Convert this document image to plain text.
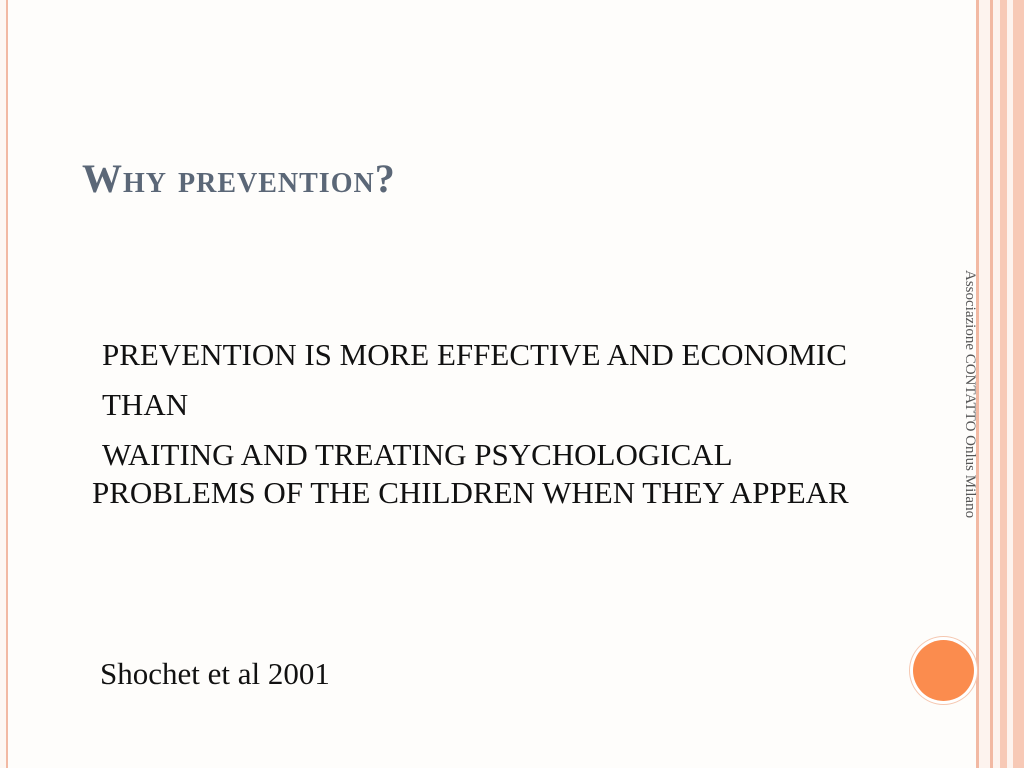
Why prevention?

PREVENTION IS MORE EFFECTIVE AND ECONOMIC

THAN

WAITING AND TREATING PSYCHOLOGICAL PROBLEMS OF THE CHILDREN WHEN THEY APPEAR

Shochet et al 2001
Associazione CONTATTO Onlus Milano
